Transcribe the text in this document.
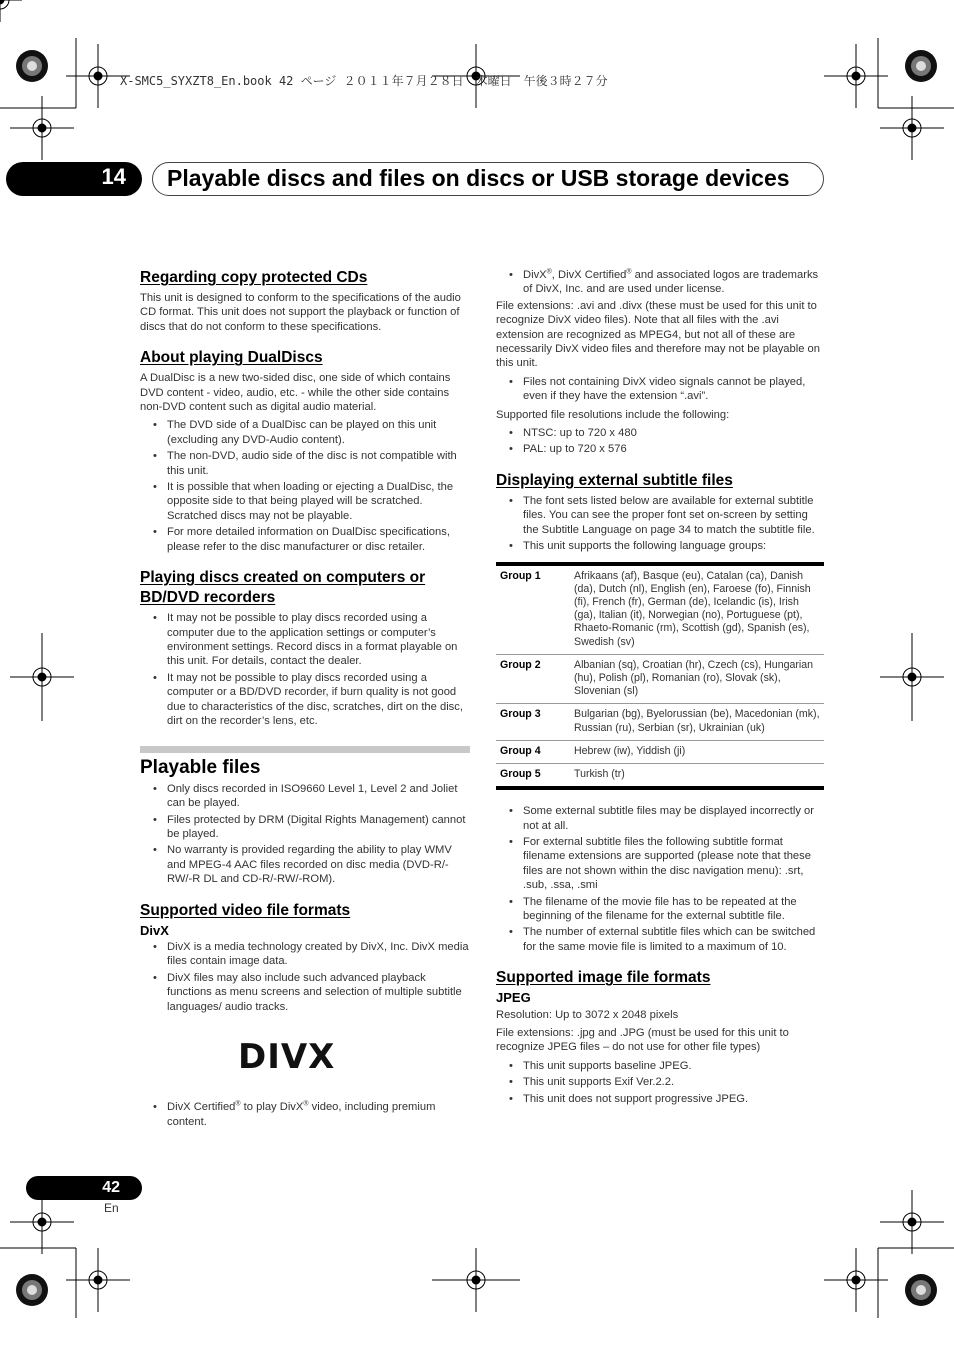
X-SMC5_SYXZT8_En.book 42 ページ ２０１１年７月２８日　木曜日　午後３時２７分
14	Playable discs and files on discs or USB storage devices
Regarding copy protected CDs

This unit is designed to conform to the specifications of the audio CD format. This unit does not support the playback or function of discs that do not conform to these specifications.

About playing DualDiscs

A DualDisc is a new two-sided disc, one side of which contains DVD content - video, audio, etc. - while the other side contains non-DVD content such as digital audio material.

• The DVD side of a DualDisc can be played on this unit (excluding any DVD-Audio content).
• The non-DVD, audio side of the disc is not compatible with this unit.
• It is possible that when loading or ejecting a DualDisc, the opposite side to that being played will be scratched. Scratched discs may not be playable.
• For more detailed information on DualDisc specifications, please refer to the disc manufacturer or disc retailer.
Playing discs created on computers or BD/DVD recorders
• It may not be possible to play discs recorded using a computer due to the application settings or computer’s environment settings. Record discs in a format playable on this unit. For details, contact the dealer.
• It may not be possible to play discs recorded using a computer or a BD/DVD recorder, if burn quality is not good due to characteristics of the disc, scratches, dirt on the disc, dirt on the recorder’s lens, etc.
Playable files
• Only discs recorded in ISO9660 Level 1, Level 2 and Joliet can be played.
• Files protected by DRM (Digital Rights Management) cannot be played.
• No warranty is provided regarding the ability to play WMV and MPEG-4 AAC files recorded on disc media (DVD-R/-RW/-R DL and CD-R/-RW/-ROM).
Supported video file formats
DivX
• DivX is a media technology created by DivX, Inc. DivX media files contain image data.
• DivX files may also include such advanced playback functions as menu screens and selection of multiple subtitle languages/ audio tracks.
DIVX
• DivX Certified® to play DivX® video, including premium content.
• DivX®, DivX Certified® and associated logos are trademarks of DivX, Inc. and are used under license.

File extensions: .avi and .divx (these must be used for this unit to recognize DivX video files). Note that all files with the .avi extension are recognized as MPEG4, but not all of these are necessarily DivX video files and therefore may not be playable on this unit.

• Files not containing DivX video signals cannot be played, even if they have the extension “.avi”.

Supported file resolutions include the following:

• NTSC: up to 720 x 480
• PAL: up to 720 x 576
Displaying external subtitle files
• The font sets listed below are available for external subtitle files. You can see the proper font set on-screen by setting the Subtitle Language on page 34 to match the subtitle file.
• This unit supports the following language groups:
Group 1	Afrikaans (af), Basque (eu), Catalan (ca), Danish (da), Dutch (nl), English (en), Faroese (fo), Finnish (fi), French (fr), German (de), Icelandic (is), Irish (ga), Italian (it), Norwegian (no), Portuguese (pt), Rhaeto-Romanic (rm), Scottish (gd), Spanish (es), Swedish (sv)
Group 2	Albanian (sq), Croatian (hr), Czech (cs), Hungarian (hu), Polish (pl), Romanian (ro), Slovak (sk), Slovenian (sl)
Group 3	Bulgarian (bg), Byelorussian (be), Macedonian (mk), Russian (ru), Serbian (sr), Ukrainian (uk)
Group 4	Hebrew (iw), Yiddish (ji)
Group 5	Turkish (tr)
• Some external subtitle files may be displayed incorrectly or not at all.
• For external subtitle files the following subtitle format filename extensions are supported (please note that these files are not shown within the disc navigation menu): .srt, .sub, .ssa, .smi
• The filename of the movie file has to be repeated at the beginning of the filename for the external subtitle file.
• The number of external subtitle files which can be switched for the same movie file is limited to a maximum of 10.
Supported image file formats
JPEG

Resolution: Up to 3072 x 2048 pixels

File extensions: .jpg and .JPG (must be used for this unit to recognize JPEG files – do not use for other file types)

• This unit supports baseline JPEG.
• This unit supports Exif Ver.2.2.
• This unit does not support progressive JPEG.
42
En
